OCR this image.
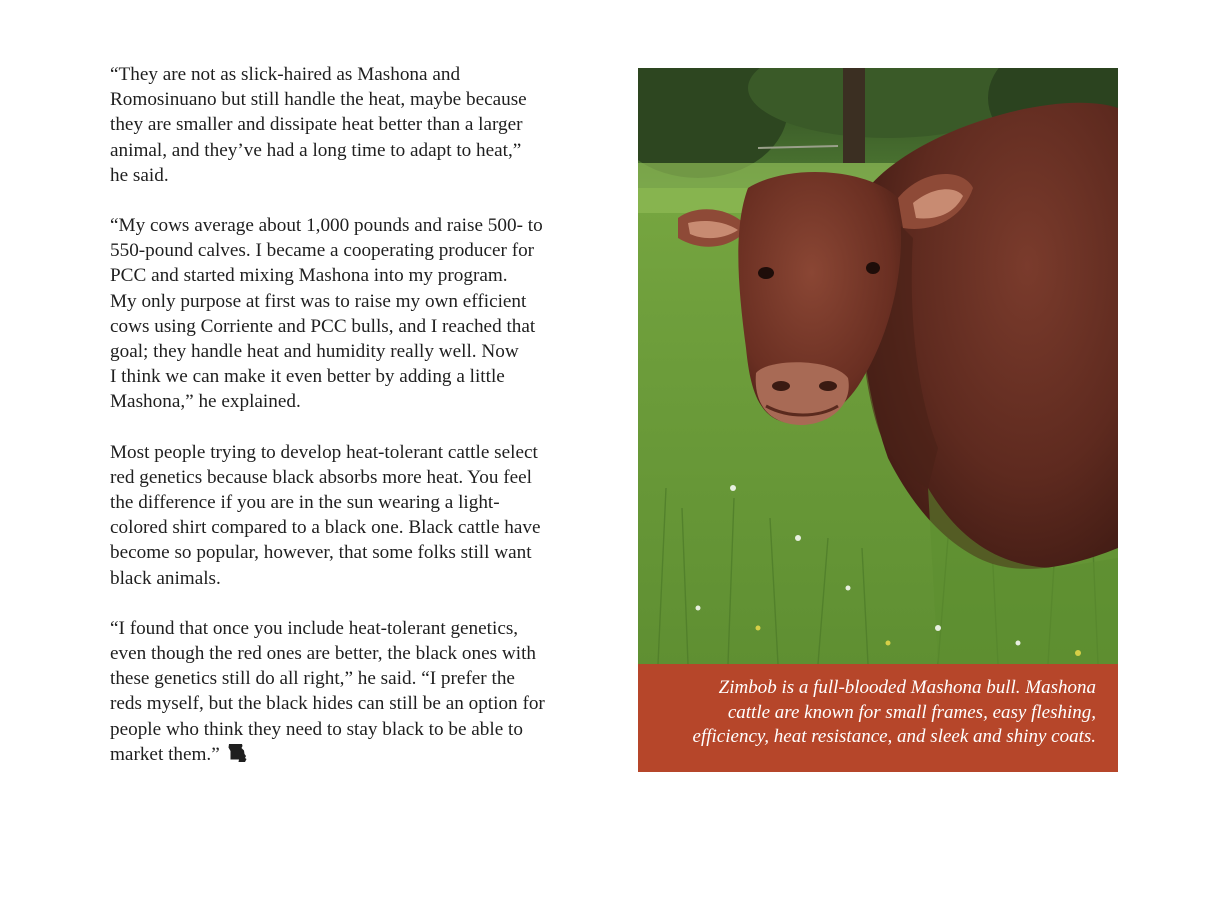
“They are not as slick-haired as Mashona and
Romosinuano but still handle the heat, maybe because
they are smaller and dissipate heat better than a larger
animal, and they’ve had a long time to adapt to heat,”
he said.

“My cows average about 1,000 pounds and raise 500- to
550-pound calves. I became a cooperating producer for
PCC and started mixing Mashona into my program.
My only purpose at first was to raise my own efficient
cows using Corriente and PCC bulls, and I reached that
goal; they handle heat and humidity really well. Now
I think we can make it even better by adding a little
Mashona,” he explained.

Most people trying to develop heat-tolerant cattle select
red genetics because black absorbs more heat. You feel
the difference if you are in the sun wearing a light-
colored shirt compared to a black one. Black cattle have
become so popular, however, that some folks still want
black animals.

“I found that once you include heat-tolerant genetics,
even though the red ones are better, the black ones with
these genetics still do all right,” he said. “I prefer the
reds myself, but the black hides can still be an option for
people who think they need to stay black to be able to
market them.”

Zimbob is a full-blooded Mashona bull. Mashona
cattle are known for small frames, easy fleshing,
efficiency, heat resistance, and sleek and shiny coats.
